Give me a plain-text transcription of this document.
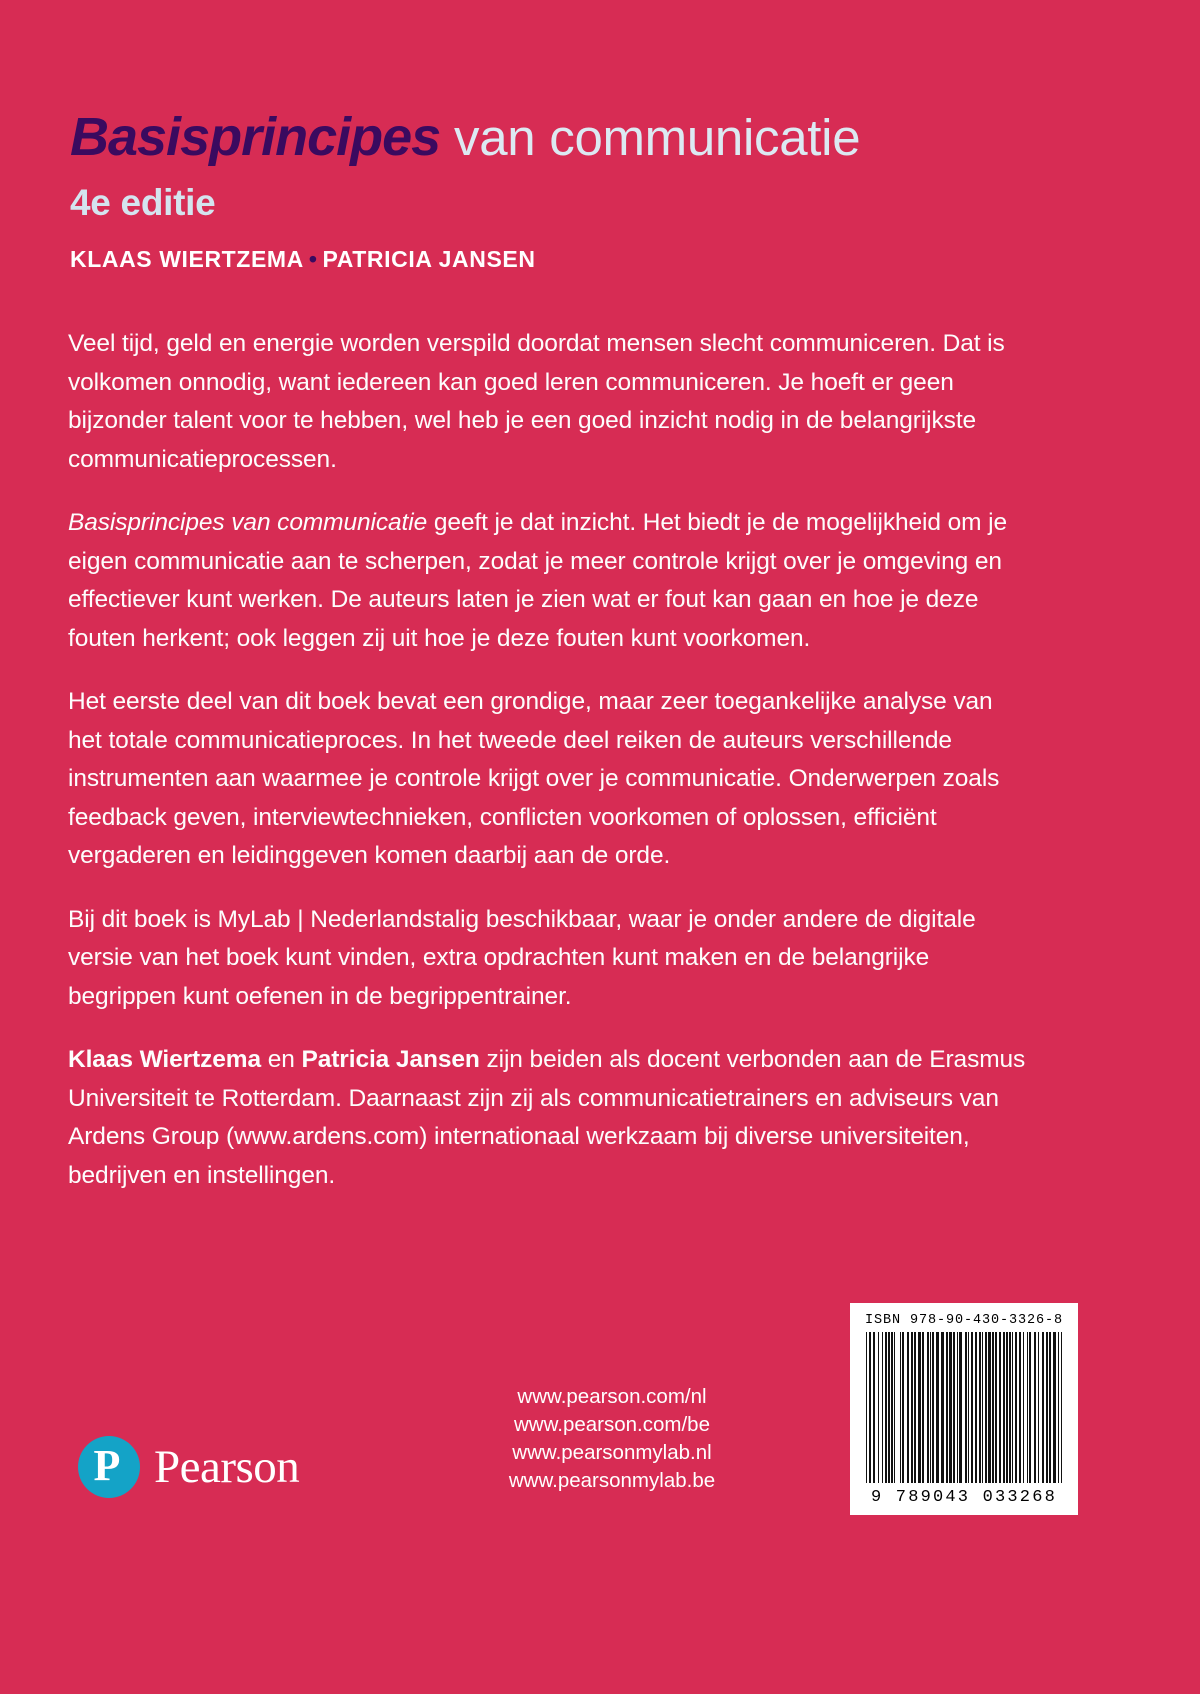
Basisprincipes van communicatie
4e editie
KLAAS WIERTZEMA • PATRICIA JANSEN

Veel tijd, geld en energie worden verspild doordat mensen slecht communiceren. Dat is volkomen onnodig, want iedereen kan goed leren communiceren. Je hoeft er geen bijzonder talent voor te hebben, wel heb je een goed inzicht nodig in de belangrijkste communicatieprocessen.

Basisprincipes van communicatie geeft je dat inzicht. Het biedt je de mogelijkheid om je eigen communicatie aan te scherpen, zodat je meer controle krijgt over je omgeving en effectiever kunt werken. De auteurs laten je zien wat er fout kan gaan en hoe je deze fouten herkent; ook leggen zij uit hoe je deze fouten kunt voorkomen.

Het eerste deel van dit boek bevat een grondige, maar zeer toegankelijke analyse van het totale communicatieproces. In het tweede deel reiken de auteurs verschillende instrumenten aan waarmee je controle krijgt over je communicatie. Onderwerpen zoals feedback geven, interviewtechnieken, conflicten voorkomen of oplossen, efficiënt vergaderen en leidinggeven komen daarbij aan de orde.

Bij dit boek is MyLab | Nederlandstalig beschikbaar, waar je onder andere de digitale versie van het boek kunt vinden, extra opdrachten kunt maken en de belangrijke begrippen kunt oefenen in de begrippentrainer.

Klaas Wiertzema en Patricia Jansen zijn beiden als docent verbonden aan de Erasmus Universiteit te Rotterdam. Daarnaast zijn zij als communicatietrainers en adviseurs van Ardens Group (www.ardens.com) internationaal werkzaam bij diverse universiteiten, bedrijven en instellingen.

www.pearson.com/nl
www.pearson.com/be
www.pearsonmylab.nl
www.pearsonmylab.be
P Pearson
ISBN 978-90-430-3326-8
9 789043 033268
